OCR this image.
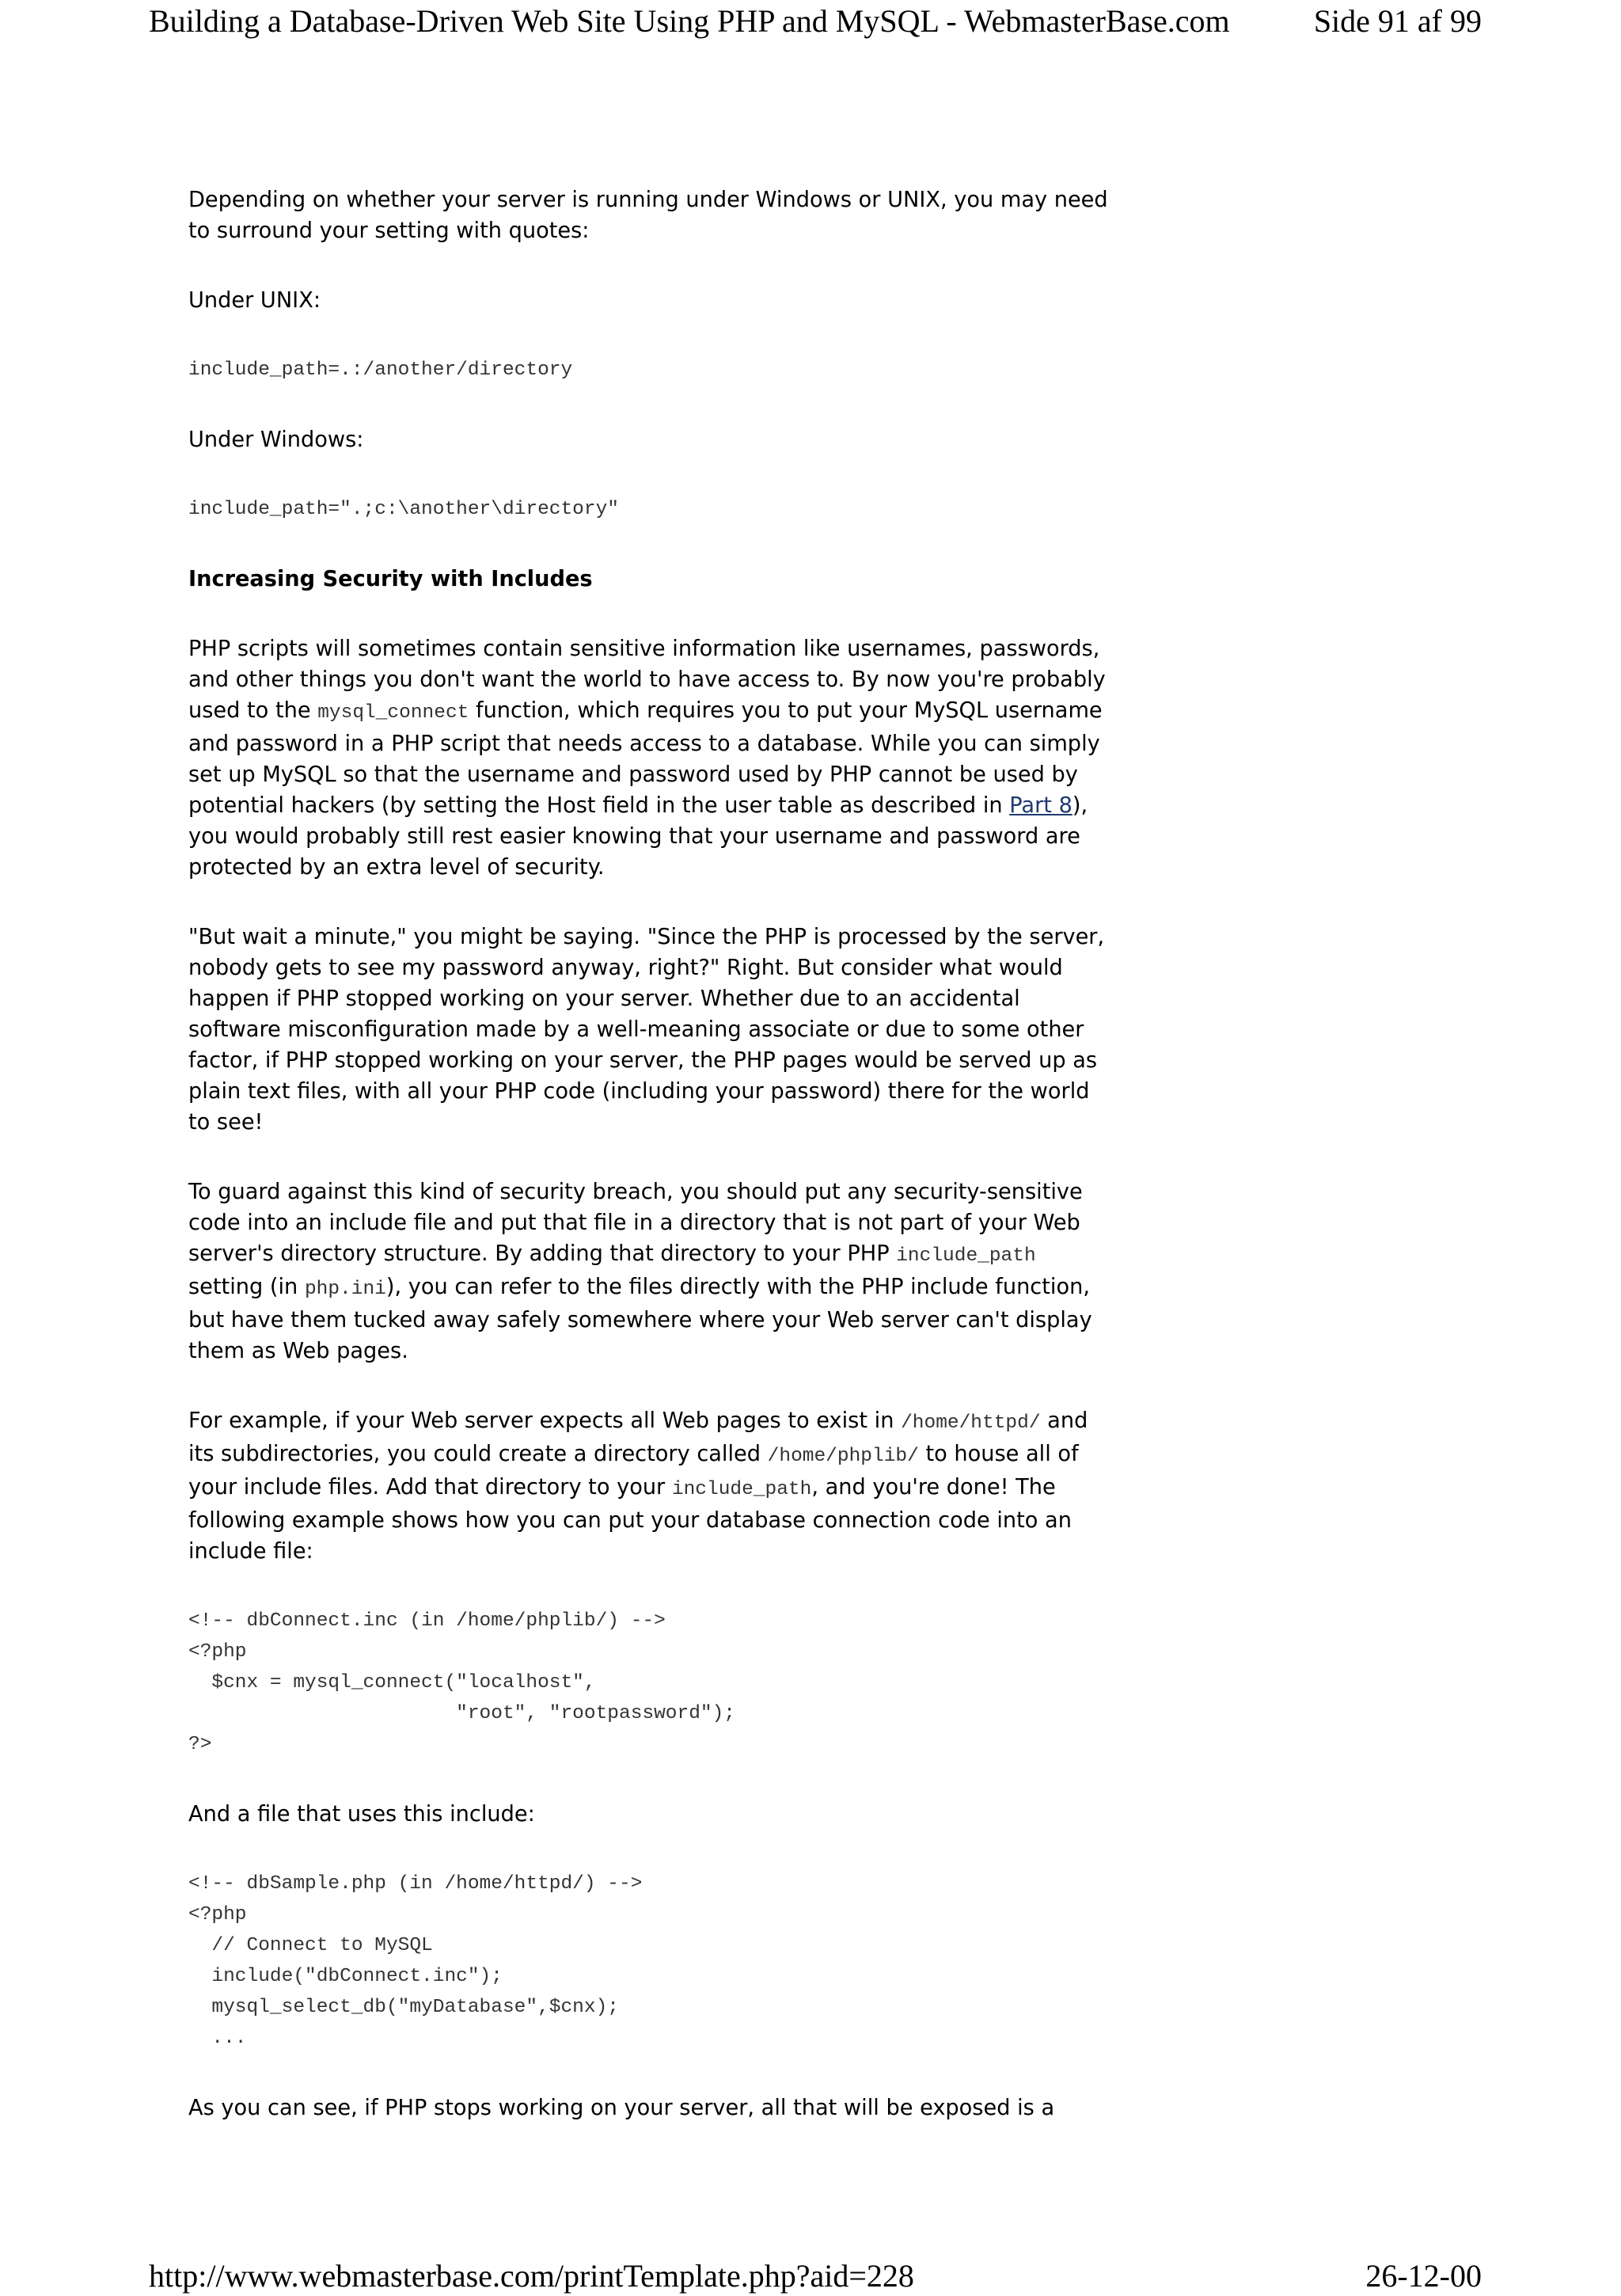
Building a Database-Driven Web Site Using PHP and MySQL - WebmasterBase.com	Side 91 af 99

Depending on whether your server is running under Windows or UNIX, you may need to surround your setting with quotes:

Under UNIX:

include_path=.:/another/directory

Under Windows:

include_path=".;c:\another\directory"
Increasing Security with Includes

PHP scripts will sometimes contain sensitive information like usernames, passwords, and other things you don't want the world to have access to. By now you're probably used to the mysql_connect function, which requires you to put your MySQL username and password in a PHP script that needs access to a database. While you can simply set up MySQL so that the username and password used by PHP cannot be used by potential hackers (by setting the Host field in the user table as described in Part 8), you would probably still rest easier knowing that your username and password are protected by an extra level of security.

"But wait a minute," you might be saying. "Since the PHP is processed by the server, nobody gets to see my password anyway, right?" Right. But consider what would happen if PHP stopped working on your server. Whether due to an accidental software misconfiguration made by a well-meaning associate or due to some other factor, if PHP stopped working on your server, the PHP pages would be served up as plain text files, with all your PHP code (including your password) there for the world to see!

To guard against this kind of security breach, you should put any security-sensitive code into an include file and put that file in a directory that is not part of your Web server's directory structure. By adding that directory to your PHP include_path setting (in php.ini), you can refer to the files directly with the PHP include function, but have them tucked away safely somewhere where your Web server can't display them as Web pages.

For example, if your Web server expects all Web pages to exist in /home/httpd/ and its subdirectories, you could create a directory called /home/phplib/ to house all of your include files. Add that directory to your include_path, and you're done! The following example shows how you can put your database connection code into an include file:

<!-- dbConnect.inc (in /home/phplib/) -->
<?php
$cnx = mysql_connect("localhost",
"root", "rootpassword");
?>

And a file that uses this include:

<!-- dbSample.php (in /home/httpd/) -->
<?php
// Connect to MySQL
include("dbConnect.inc");
mysql_select_db("myDatabase",$cnx);
...

As you can see, if PHP stops working on your server, all that will be exposed is a

http://www.webmasterbase.com/printTemplate.php?aid=228	26-12-00
